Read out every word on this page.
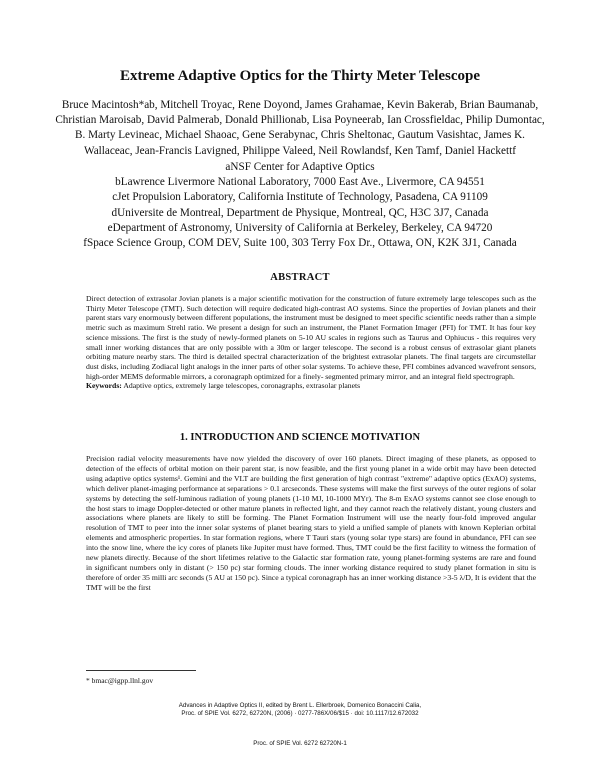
Extreme Adaptive Optics for the Thirty Meter Telescope
Bruce Macintosh*ab, Mitchell Troyac, Rene Doyond, James Grahamae, Kevin Bakerab, Brian Baumanab, Christian Maroisab, David Palmerab, Donald Phillionab, Lisa Poyneerab, Ian Crossfieldac, Philip Dumontac, B. Marty Levineac, Michael Shaoac, Gene Serabynac, Chris Sheltonac, Gautum Vasishtac, James K. Wallaceac, Jean-Francis Lavigned, Philippe Valeed, Neil Rowlandsf, Ken Tamf, Daniel Hackettf
aNSF Center for Adaptive Optics
bLawrence Livermore National Laboratory, 7000 East Ave., Livermore, CA 94551
cJet Propulsion Laboratory, California Institute of Technology, Pasadena, CA 91109
dUniversite de Montreal, Department de Physique, Montreal, QC, H3C 3J7, Canada
eDepartment of Astronomy, University of California at Berkeley, Berkeley, CA 94720
fSpace Science Group, COM DEV, Suite 100, 303 Terry Fox Dr., Ottawa, ON, K2K 3J1, Canada
ABSTRACT
Direct detection of extrasolar Jovian planets is a major scientific motivation for the construction of future extremely large telescopes such as the Thirty Meter Telescope (TMT). Such detection will require dedicated high-contrast AO systems. Since the properties of Jovian planets and their parent stars vary enormously between different populations, the instrument must be designed to meet specific scientific needs rather than a simple metric such as maximum Strehl ratio. We present a design for such an instrument, the Planet Formation Imager (PFI) for TMT. It has four key science missions. The first is the study of newly-formed planets on 5-10 AU scales in regions such as Taurus and Ophiucus - this requires very small inner working distances that are only possible with a 30m or larger telescope. The second is a robust census of extrasolar giant planets orbiting mature nearby stars. The third is detailed spectral characterization of the brightest extrasolar planets. The final targets are circumstellar dust disks, including Zodiacal light analogs in the inner parts of other solar systems. To achieve these, PFI combines advanced wavefront sensors, high-order MEMS deformable mirrors, a coronagraph optimized for a finely- segmented primary mirror, and an integral field spectrograph.
Keywords: Adaptive optics, extremely large telescopes, coronagraphs, extrasolar planets
1. INTRODUCTION AND SCIENCE MOTIVATION
Precision radial velocity measurements have now yielded the discovery of over 160 planets. Direct imaging of these planets, as opposed to detection of the effects of orbital motion on their parent star, is now feasible, and the first young planet in a wide orbit may have been detected using adaptive optics systems¹. Gemini and the VLT are building the first generation of high contrast "extreme" adaptive optics (ExAO) systems, which deliver planet-imaging performance at separations > 0.1 arcseconds. These systems will make the first surveys of the outer regions of solar systems by detecting the self-luminous radiation of young planets (1-10 MJ, 10-1000 MYr). The 8-m ExAO systems cannot see close enough to the host stars to image Doppler-detected or other mature planets in reflected light, and they cannot reach the relatively distant, young clusters and associations where planets are likely to still be forming. The Planet Formation Instrument will use the nearly four-fold improved angular resolution of TMT to peer into the inner solar systems of planet bearing stars to yield a unified sample of planets with known Keplerian orbital elements and atmospheric properties. In star formation regions, where T Tauri stars (young solar type stars) are found in abundance, PFI can see into the snow line, where the icy cores of planets like Jupiter must have formed. Thus, TMT could be the first facility to witness the formation of new planets directly. Because of the short lifetimes relative to the Galactic star formation rate, young planet-forming systems are rare and found in significant numbers only in distant (> 150 pc) star forming clouds. The inner working distance required to study planet formation in situ is therefore of order 35 milli arc seconds (5 AU at 150 pc). Since a typical coronagraph has an inner working distance >3-5 λ/D, It is evident that the TMT will be the first
* bmac@igpp.llnl.gov
Advances in Adaptive Optics II, edited by Brent L. Ellerbroek, Domenico Bonaccini Calia,
Proc. of SPIE Vol. 6272, 62720N, (2006) · 0277-786X/06/$15 · doi: 10.1117/12.672032
Proc. of SPIE Vol. 6272 62720N-1
